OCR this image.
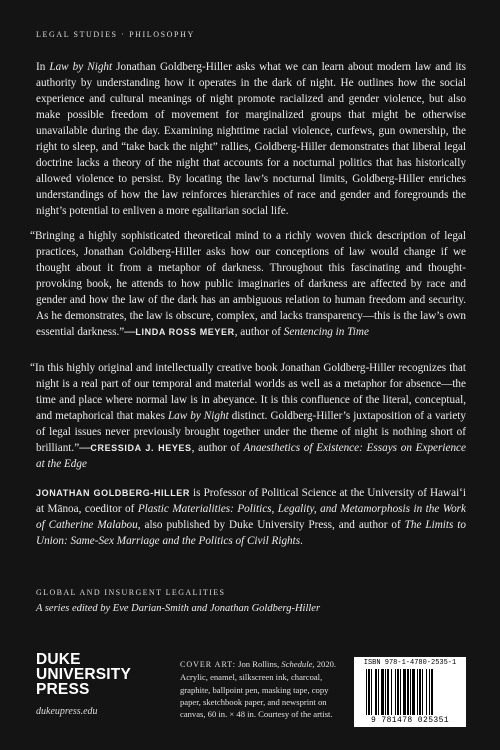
LEGAL STUDIES · PHILOSOPHY

In Law by Night Jonathan Goldberg-Hiller asks what we can learn about modern law and its authority by understanding how it operates in the dark of night. He outlines how the social experience and cultural meanings of night promote racialized and gender violence, but also make possible freedom of movement for marginalized groups that might be otherwise unavailable during the day. Examining nighttime racial violence, curfews, gun ownership, the right to sleep, and “take back the night” rallies, Goldberg-Hiller demonstrates that liberal legal doctrine lacks a theory of the night that accounts for a nocturnal politics that has historically allowed violence to persist. By locating the law’s nocturnal limits, Goldberg-Hiller enriches understandings of how the law reinforces hierarchies of race and gender and foregrounds the night’s potential to enliven a more egalitarian social life.

“Bringing a highly sophisticated theoretical mind to a richly woven thick description of legal practices, Jonathan Goldberg-Hiller asks how our conceptions of law would change if we thought about it from a metaphor of darkness. Throughout this fascinating and thought-provoking book, he attends to how public imaginaries of darkness are affected by race and gender and how the law of the dark has an ambiguous relation to human freedom and security. As he demonstrates, the law is obscure, complex, and lacks transparency—this is the law’s own essential darkness.”—LINDA ROSS MEYER, author of Sentencing in Time

“In this highly original and intellectually creative book Jonathan Goldberg-Hiller recognizes that night is a real part of our temporal and material worlds as well as a metaphor for absence—the time and place where normal law is in abeyance. It is this confluence of the literal, conceptual, and metaphorical that makes Law by Night distinct. Goldberg-Hiller’s juxtaposition of a variety of legal issues never previously brought together under the theme of night is nothing short of brilliant.”—CRESSIDA J. HEYES, author of Anaesthetics of Existence: Essays on Experience at the Edge

JONATHAN GOLDBERG-HILLER is Professor of Political Science at the University of Hawaiʻi at Mānoa, coeditor of Plastic Materialities: Politics, Legality, and Metamorphosis in the Work of Catherine Malabou, also published by Duke University Press, and author of The Limits to Union: Same-Sex Marriage and the Politics of Civil Rights.

GLOBAL AND INSURGENT LEGALITIES
A series edited by Eve Darian-Smith and Jonathan Goldberg-Hiller
DUKE
UNIVERSITY
PRESS
dukeupress.edu

COVER ART: Jon Rollins, Schedule, 2020. Acrylic, enamel, silkscreen ink, charcoal, graphite, ballpoint pen, masking tape, copy paper, sketchbook paper, and newsprint on canvas, 60 in. × 48 in. Courtesy of the artist.

ISBN 978-1-4780-2535-1
9 781478 025351
